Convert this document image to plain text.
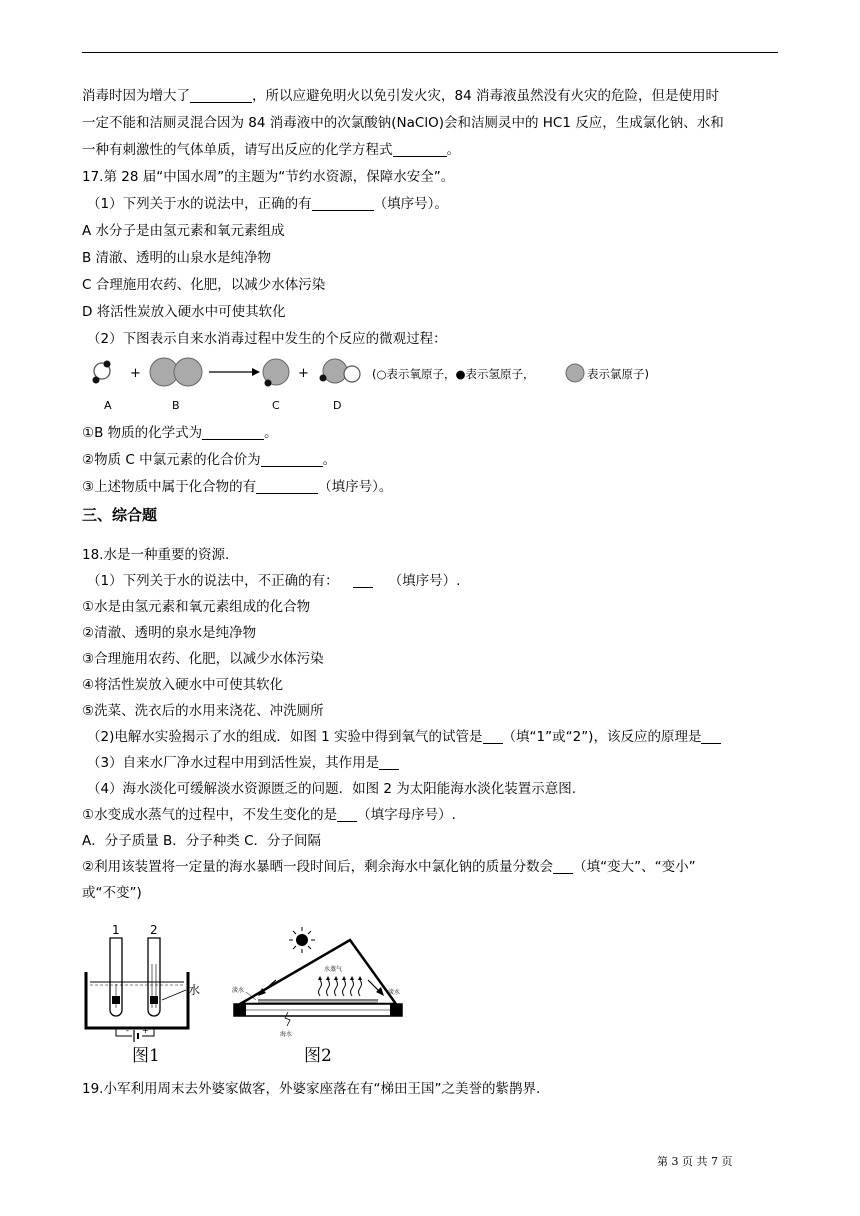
消毒时因为增大了	，所以应避免明火以免引发火灾，84 消毒液虽然没有火灾的危险，但是使用时
一定不能和洁厕灵混合因为 84 消毒液中的次氯酸钠(NaClO)会和洁厕灵中的 HC1 反应，生成氯化钠、水和
一种有刺激性的气体单质，请写出反应的化学方程式	。
17.第 28 届“中国水周”的主题为“节约水资源，保障水安全”。
（1）下列关于水的说法中，正确的有	（填序号）。
A 水分子是由氢元素和氧元素组成
B 清澈、透明的山泉水是纯净物
C 合理施用农药、化肥，以减少水体污染
D 将活性炭放入硬水中可使其软化
（2）下图表示自来水消毒过程中发生的个反应的微观过程：
+	+	(○表示氧原子，●表示氢原子，	表示氯原子)
A	B	C	D
①B 物质的化学式为	。
②物质 C 中氯元素的化合价为	。
③上述物质中属于化合物的有	（填序号）。
三、综合题
18.水是一种重要的资源.
（1）下列关于水的说法中，不正确的有：	（填序号）.
①水是由氢元素和氧元素组成的化合物
②清澈、透明的泉水是纯净物
③合理施用农药、化肥，以减少水体污染
④将活性炭放入硬水中可使其软化
⑤洗菜、洗衣后的水用来浇花、冲洗厕所
（2)电解水实验揭示了水的组成．如图 1 实验中得到氧气的试管是 （填“1”或“2”)，该反应的原理是
（3）自来水厂净水过程中用到活性炭，其作用是
（4）海水淡化可缓解淡水资源匮乏的问题．如图 2 为太阳能海水淡化装置示意图.
①水变成水蒸气的过程中，不发生变化的是 （填字母序号）.
A．分子质量 B．分子种类 C．分子间隔
②利用该装置将一定量的海水暴晒一段时间后，剩余海水中氯化钠的质量分数会 （填“变大”、“变小”
或“不变”)
1	2
水
- +
图1
水蒸气
淡水	淡水
海水
图2
19.小军利用周末去外婆家做客，外婆家座落在有“梯田王国”之美誉的紫鹊界.
第 3 页 共 7 页
